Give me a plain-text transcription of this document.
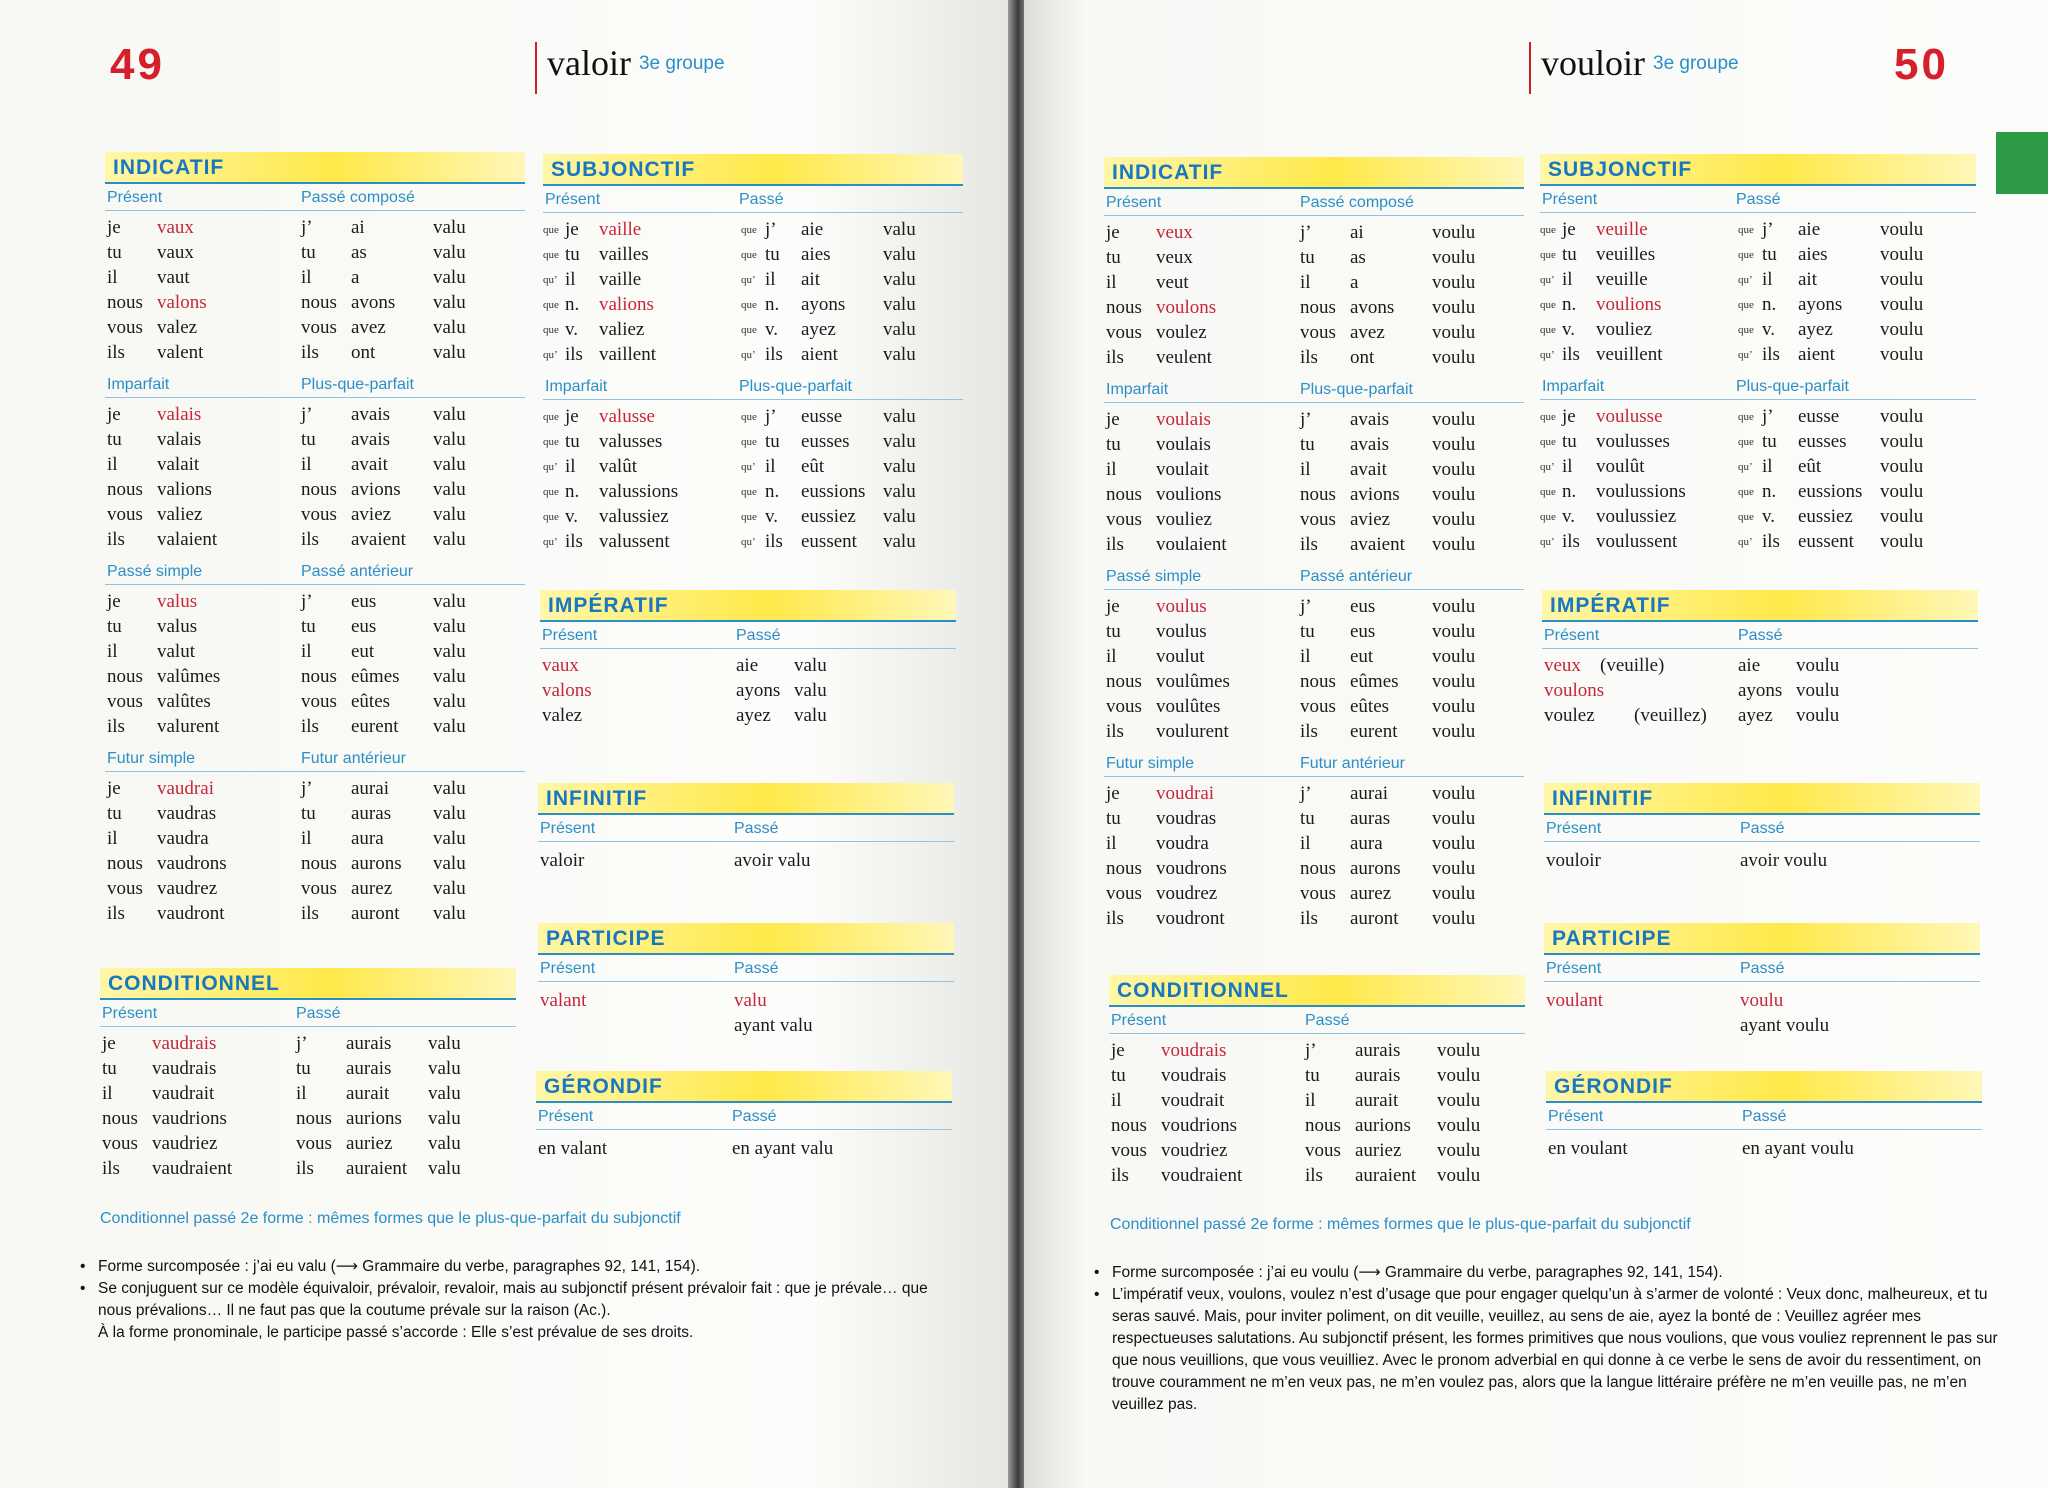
49	valoir 3e groupe
INDICATIF
Présent	Passé composé
je vaux	j’ ai	valu
tu vaux	tu as	valu
il vaut	il a	valu
nous valons	nous avons valu
vous valez	vous avez valu
ils valent	ils ont	valu
Imparfait	Plus-que-parfait
je valais	j’ avais valu
tu valais	tu avais valu
il valait	il avait valu
nous valions	nous avions valu
vous valiez	vous aviez valu
ils valaient	ils avaient valu
Passé simple	Passé antérieur
je valus	j’ eus	valu
tu valus	tu eus	valu
il valut	il eut	valu
nous valûmes	nous eûmes valu
vous valûtes	vous eûtes valu
ils valurent	ils eurent valu
Futur simple	Futur antérieur
je vaudrai	j’ aurai valu
tu vaudras	tu auras valu
il vaudra	il aura	valu
nous vaudrons	nous aurons valu
vous vaudrez	vous aurez valu
ils vaudront	ils auront valu
CONDITIONNEL
Présent	Passé
je vaudrais	j’ aurais valu
tu vaudrais	tu aurais valu
il vaudrait	il aurait valu
nous vaudrions	nous aurions valu
vous vaudriez	vous auriez valu
ils vaudraient	ils auraient valu
SUBJONCTIF
Présent	Passé
que je vaille	que j’ aie	valu
que tu vailles	que tu aies	valu
qu’ il vaille	qu’ il ait	valu
que n. valions	que n. ayons valu
que v. valiez	que v. ayez valu
qu’ ils vaillent	qu’ ils aient valu
Imparfait	Plus-que-parfait
que je valusse	que j’ eusse valu
que tu valusses	que tu eusses valu
qu’ il valût	qu’ il eût	valu
que n. valussions	que n. eussions valu
que v. valussiez	que v. eussiez valu
qu’ ils valussent	qu’ ils eussent valu
IMPÉRATIF
Présent	Passé
vaux	aie valu
valons	ayons valu
valez	ayez valu
INFINITIF
Présent	Passé
valoir	avoir valu
PARTICIPE
Présent	Passé
valant	valu
ayant valu
GÉRONDIF
Présent	Passé
en valant	en ayant valu
Conditionnel passé 2e forme : mêmes formes que le plus-que-parfait du subjonctif
• Forme surcomposée : j’ai eu valu (⟶ Grammaire du verbe, paragraphes 92, 141, 154).
• Se conjuguent sur ce modèle équivaloir, prévaloir, revaloir, mais au subjonctif présent prévaloir fait : que je prévale… que nous prévalions… Il ne faut pas que la coutume prévale sur la raison (Ac.).
À la forme pronominale, le participe passé s’accorde : Elle s’est prévalue de ses droits.
vouloir 3e groupe	50
INDICATIF
Présent	Passé composé
je veux	j’ ai	voulu
tu veux	tu as	voulu
il veut	il a	voulu
nous voulons	nous avons voulu
vous voulez	vous avez voulu
ils veulent	ils ont	voulu
Imparfait	Plus-que-parfait
je voulais	j’ avais voulu
tu voulais	tu avais voulu
il voulait	il avait voulu
nous voulions	nous avions voulu
vous vouliez	vous aviez voulu
ils voulaient	ils avaient voulu
Passé simple	Passé antérieur
je voulus	j’ eus	voulu
tu voulus	tu eus	voulu
il voulut	il eut	voulu
nous voulûmes	nous eûmes voulu
vous voulûtes	vous eûtes voulu
ils voulurent	ils eurent voulu
Futur simple	Futur antérieur
je voudrai	j’ aurai voulu
tu voudras	tu auras voulu
il voudra	il aura	voulu
nous voudrons	nous aurons voulu
vous voudrez	vous aurez voulu
ils voudront	ils auront voulu
CONDITIONNEL
Présent	Passé
je voudrais	j’ aurais voulu
tu voudrais	tu aurais voulu
il voudrait	il aurait voulu
nous voudrions	nous aurions voulu
vous voudriez	vous auriez voulu
ils voudraient	ils auraient voulu
SUBJONCTIF
Présent	Passé
que je veuille	que j’ aie	voulu
que tu veuilles	que tu aies	voulu
qu’ il veuille	qu’ il ait	voulu
que n. voulions	que n. ayons voulu
que v. vouliez	que v. ayez voulu
qu’ ils veuillent	qu’ ils aient voulu
Imparfait	Plus-que-parfait
que je voulusse	que j’ eusse voulu
que tu voulusses	que tu eusses voulu
qu’ il voulût	qu’ il eût	voulu
que n. voulussions	que n. eussions voulu
que v. voulussiez	que v. eussiez voulu
qu’ ils voulussent	qu’ ils eussent voulu
IMPÉRATIF
Présent	Passé
veux (veuille)	aie voulu
voulons	ayons voulu
voulez (veuillez) ayez voulu
INFINITIF
Présent	Passé
vouloir	avoir voulu
PARTICIPE
Présent	Passé
voulant	voulu
ayant voulu
GÉRONDIF
Présent	Passé
en voulant	en ayant voulu
Conditionnel passé 2e forme : mêmes formes que le plus-que-parfait du subjonctif
• Forme surcomposée : j’ai eu voulu (⟶ Grammaire du verbe, paragraphes 92, 141, 154).
• L’impératif veux, voulons, voulez n’est d’usage que pour engager quelqu’un à s’armer de volonté : Veux donc, malheureux, et tu seras sauvé. Mais, pour inviter poliment, on dit veuille, veuillez, au sens de aie, ayez la bonté de : Veuillez agréer mes respectueuses salutations. Au subjonctif présent, les formes primitives que nous voulions, que vous vouliez reprennent le pas sur que nous veuillions, que vous veuilliez. Avec le pronom adverbial en qui donne à ce verbe le sens de avoir du ressentiment, on trouve couramment ne m’en veux pas, ne m’en voulez pas, alors que la langue littéraire préfère ne m’en veuille pas, ne m’en veuillez pas.
